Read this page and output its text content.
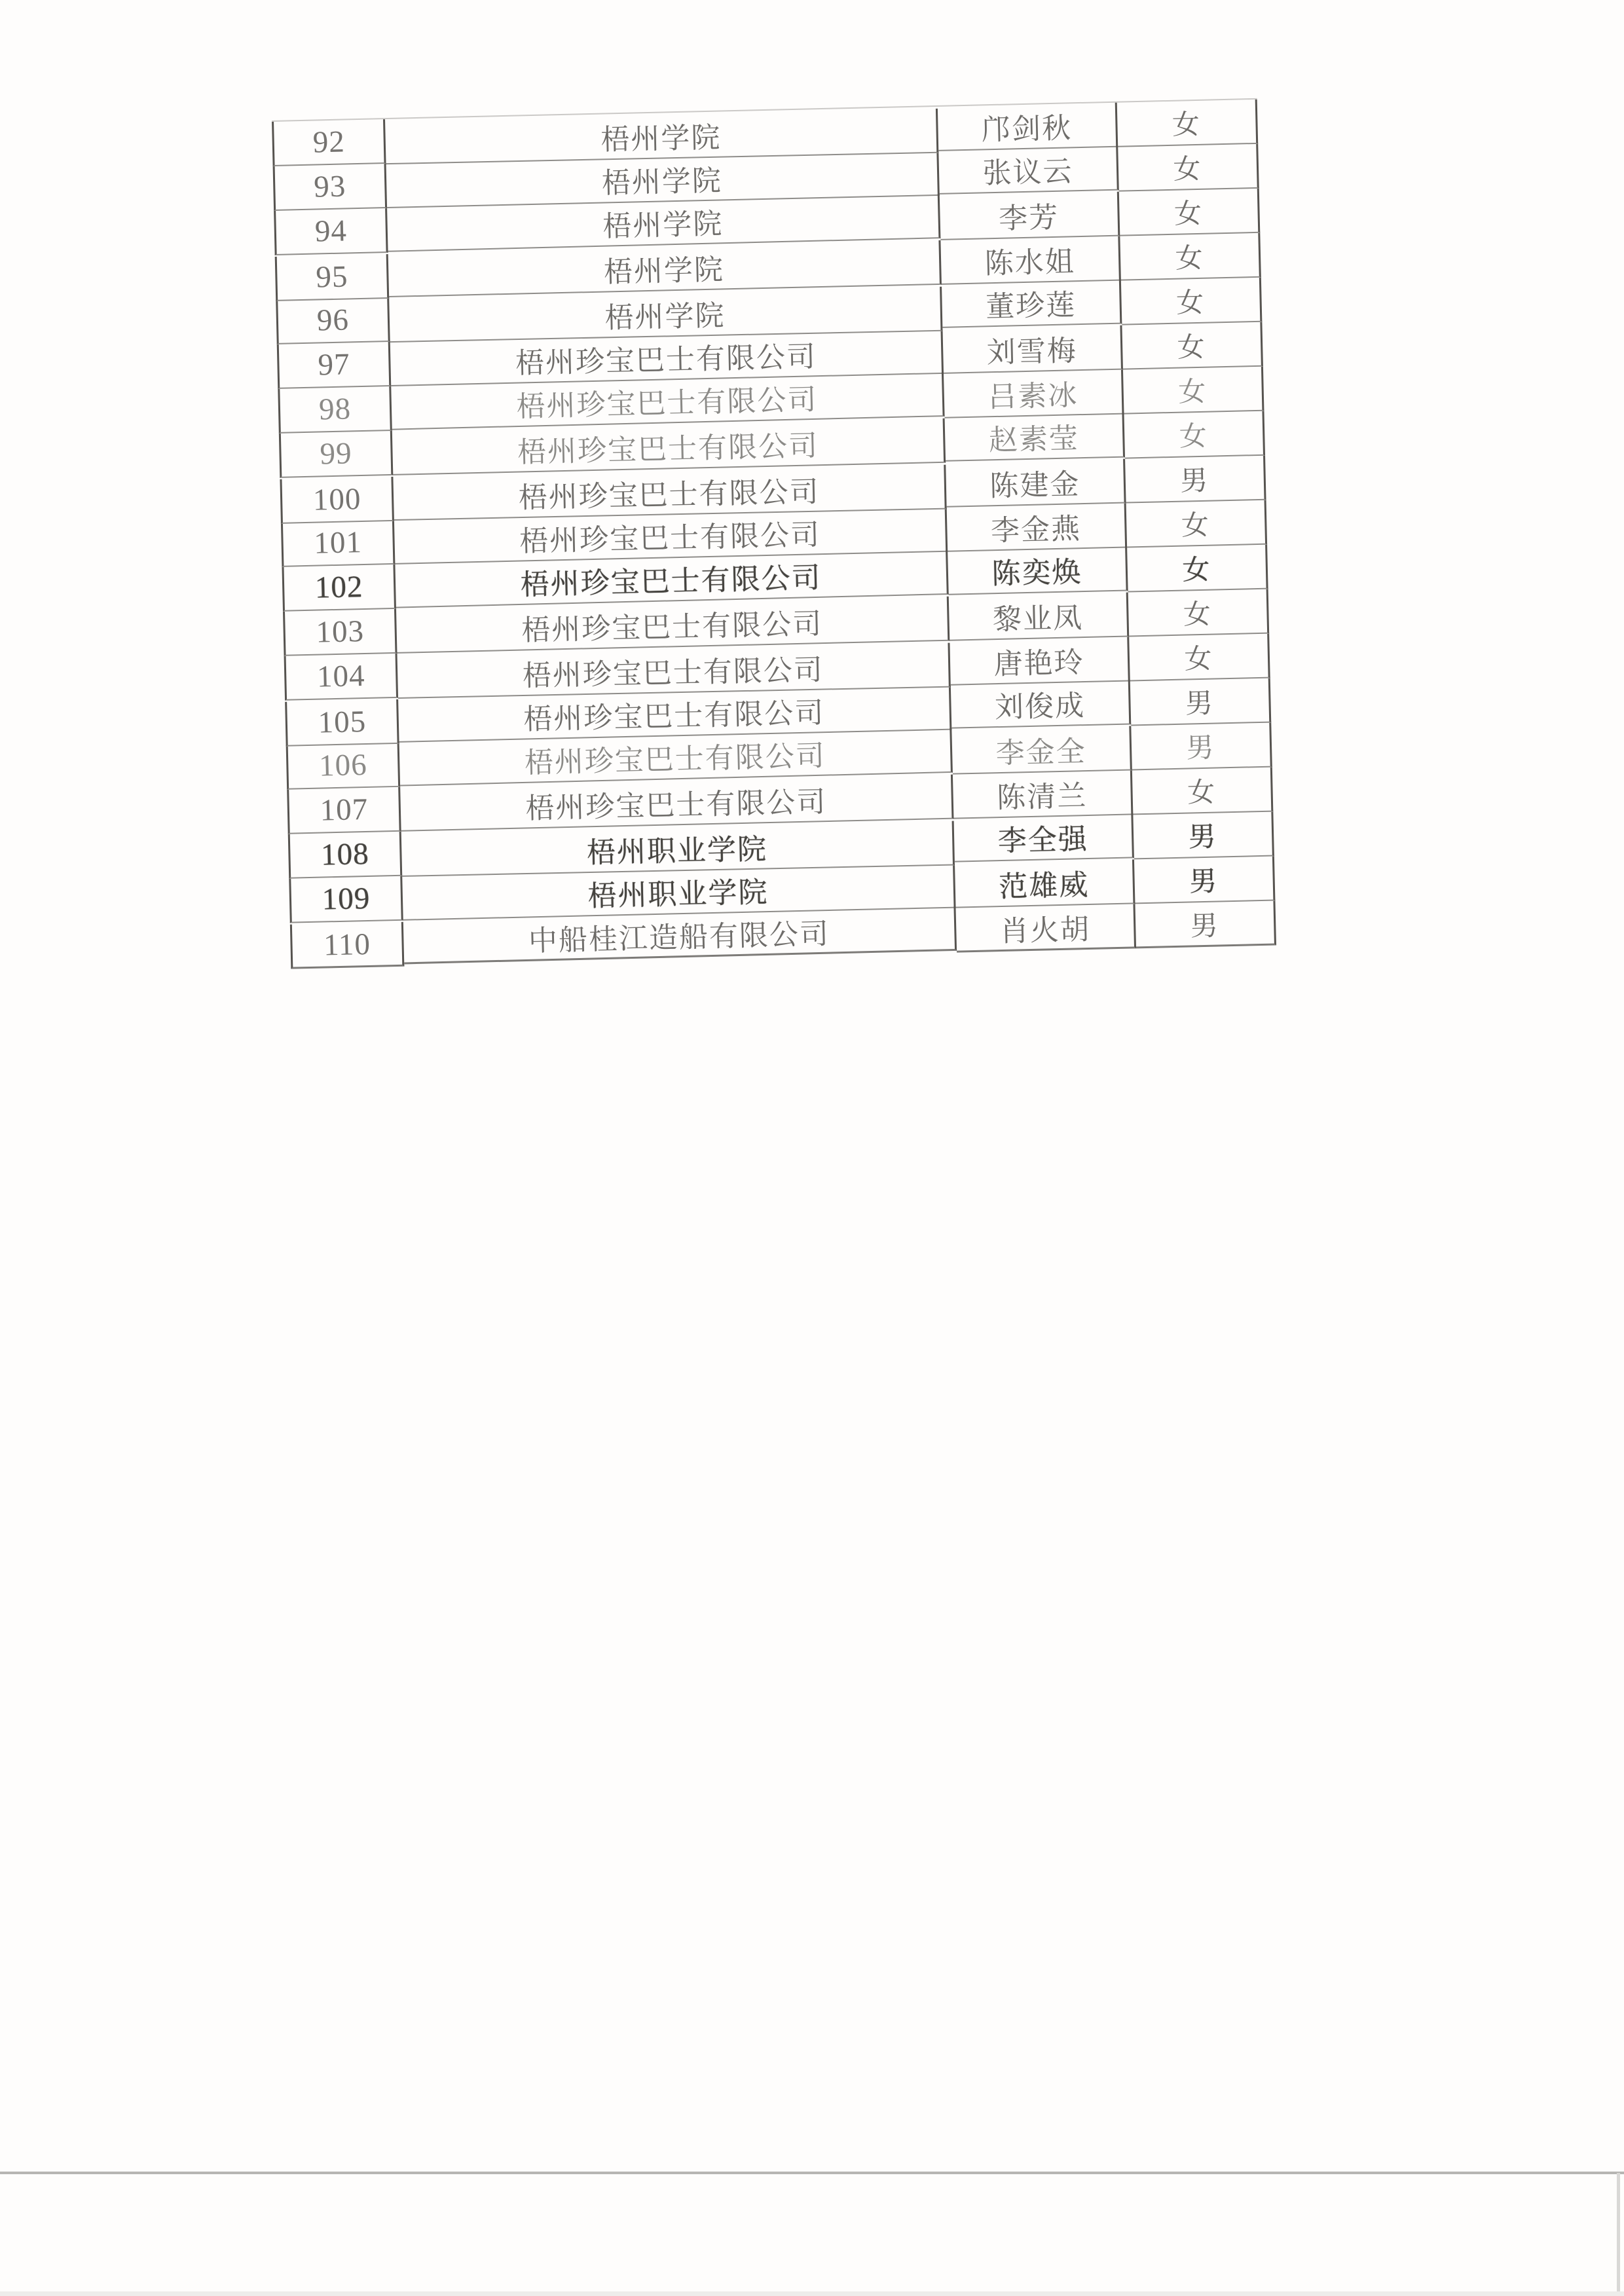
92	梧州学院	邝剑秋	女
93	梧州学院	张议云	女
94	梧州学院	李芳	女
95	梧州学院	陈水姐	女
96	梧州学院	董珍莲	女
97	梧州珍宝巴士有限公司	刘雪梅	女
98	梧州珍宝巴士有限公司	吕素冰	女
99	梧州珍宝巴士有限公司	赵素莹	女
100	梧州珍宝巴士有限公司	陈建金	男
101	梧州珍宝巴士有限公司	李金燕	女
102	梧州珍宝巴士有限公司	陈奕焕	女
103	梧州珍宝巴士有限公司	黎业凤	女
104	梧州珍宝巴士有限公司	唐艳玲	女
105	梧州珍宝巴士有限公司	刘俊成	男
106	梧州珍宝巴士有限公司	李金全	男
107	梧州珍宝巴士有限公司	陈清兰	女
108	梧州职业学院	李全强	男
109	梧州职业学院	范雄威	男
110	中船桂江造船有限公司	肖火胡	男
